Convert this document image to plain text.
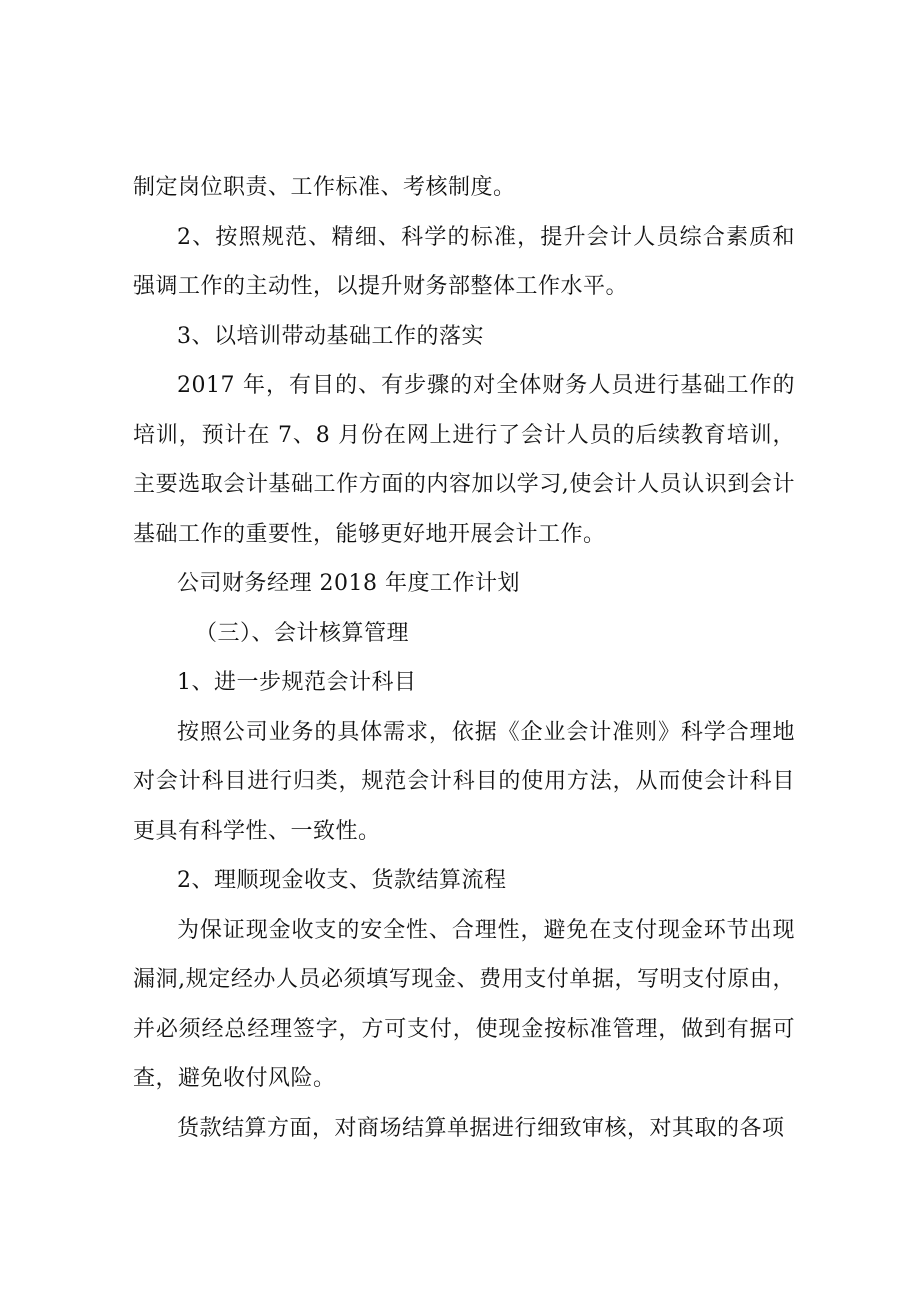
制定岗位职责、工作标准、考核制度。

2、按照规范、精细、科学的标准，提升会计人员综合素质和强调工作的主动性，以提升财务部整体工作水平。

3、以培训带动基础工作的落实

2017 年，有目的、有步骤的对全体财务人员进行基础工作的培训，预计在 7、8 月份在网上进行了会计人员的后续教育培训，主要选取会计基础工作方面的内容加以学习,使会计人员认识到会计基础工作的重要性，能够更好地开展会计工作。

公司财务经理 2018 年度工作计划

（三）、会计核算管理

1、进一步规范会计科目

按照公司业务的具体需求，依据《企业会计准则》科学合理地对会计科目进行归类，规范会计科目的使用方法，从而使会计科目更具有科学性、一致性。

2、理顺现金收支、货款结算流程

为保证现金收支的安全性、合理性，避免在支付现金环节出现漏洞,规定经办人员必须填写现金、费用支付单据，写明支付原由，并必须经总经理签字，方可支付，使现金按标准管理，做到有据可查，避免收付风险。

货款结算方面，对商场结算单据进行细致审核，对其取的各项
